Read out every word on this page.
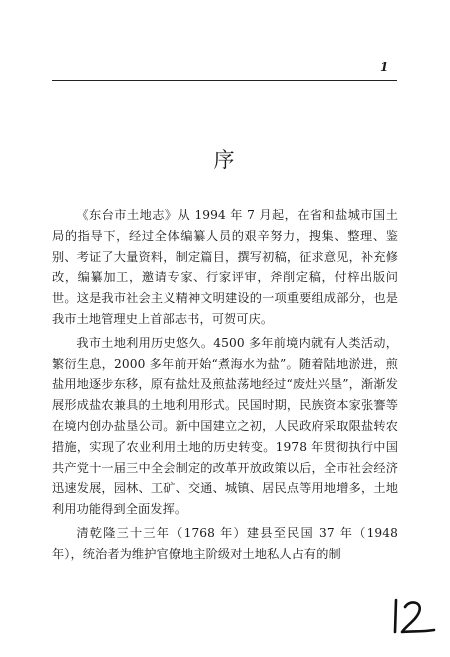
1
序

《东台市土地志》从 1994 年 7 月起，在省和盐城市国土局的指导下，经过全体编纂人员的艰辛努力，搜集、整理、鉴别、考证了大量资料，制定篇目，撰写初稿，征求意见，补充修改，编纂加工，邀请专家、行家评审，斧削定稿，付梓出版问世。这是我市社会主义精神文明建设的一项重要组成部分，也是我市土地管理史上首部志书，可贺可庆。

我市土地利用历史悠久。4500 多年前境内就有人类活动，繁衍生息，2000 多年前开始“煮海水为盐”。随着陆地淤进，煎盐用地逐步东移，原有盐灶及煎盐荡地经过“废灶兴垦”，渐渐发展形成盐农兼具的土地利用形式。民国时期，民族资本家张謇等在境内创办盐垦公司。新中国建立之初，人民政府采取限盐转农措施，实现了农业利用土地的历史转变。1978 年贯彻执行中国共产党十一届三中全会制定的改革开放政策以后，全市社会经济迅速发展，园林、工矿、交通、城镇、居民点等用地增多，土地利用功能得到全面发挥。

清乾隆三十三年（1768 年）建县至民国 37 年（1948 年），统治者为维护官僚地主阶级对土地私人占有的制
